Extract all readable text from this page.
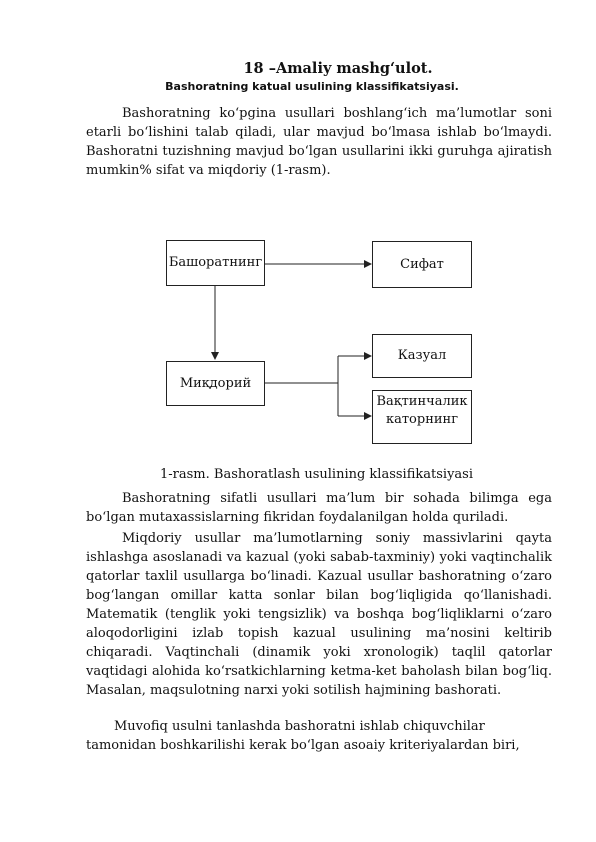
18 –Amaliy mashg‘ulot.
Bashoratning katual usulining klassifikatsiyasi.
Bashoratning ko‘pgina usullari boshlang‘ich ma’lumotlar soni etarli bo‘lishini talab qiladi, ular mavjud bo‘lmasa ishlab bo‘lmaydi. Bashoratni tuzishning mavjud bo‘lgan usullarini ikki guruhga ajiratish mumkin% sifat va miqdoriy (1-rasm).
Башоратнинг	Сифат
Миқдорий
Казуал
Вақтинчалик каторнинг
1-rasm. Bashoratlash usulining klassifikatsiyasi
Bashoratning sifatli usullari ma’lum bir sohada bilimga ega bo‘lgan mutaxassislarning fikridan foydalanilgan holda quriladi.
Miqdoriy usullar ma’lumotlarning soniy massivlarini qayta ishlashga asoslanadi va kazual (yoki sabab-taxminiy) yoki vaqtinchalik qatorlar taxlil usullarga bo‘linadi. Kazual usullar bashoratning o‘zaro bog‘langan omillar katta sonlar bilan bog‘liqligida qo‘llanishadi. Matematik (tenglik yoki tengsizlik) va boshqa bog‘liqliklarni o‘zaro aloqodorligini izlab topish kazual usulining ma’nosini keltirib chiqaradi. Vaqtinchali (dinamik yoki xronologik) taqlil qatorlar vaqtidagi alohida ko‘rsatkichlarning ketma-ket baholash bilan bog‘liq. Masalan, maqsulotning narxi yoki sotilish hajmining bashorati.
Muvofiq usulni tanlashda bashoratni ishlab chiquvchilar tamonidan boshkarilishi kerak bo‘lgan asoaiy kriteriyalardan biri,
